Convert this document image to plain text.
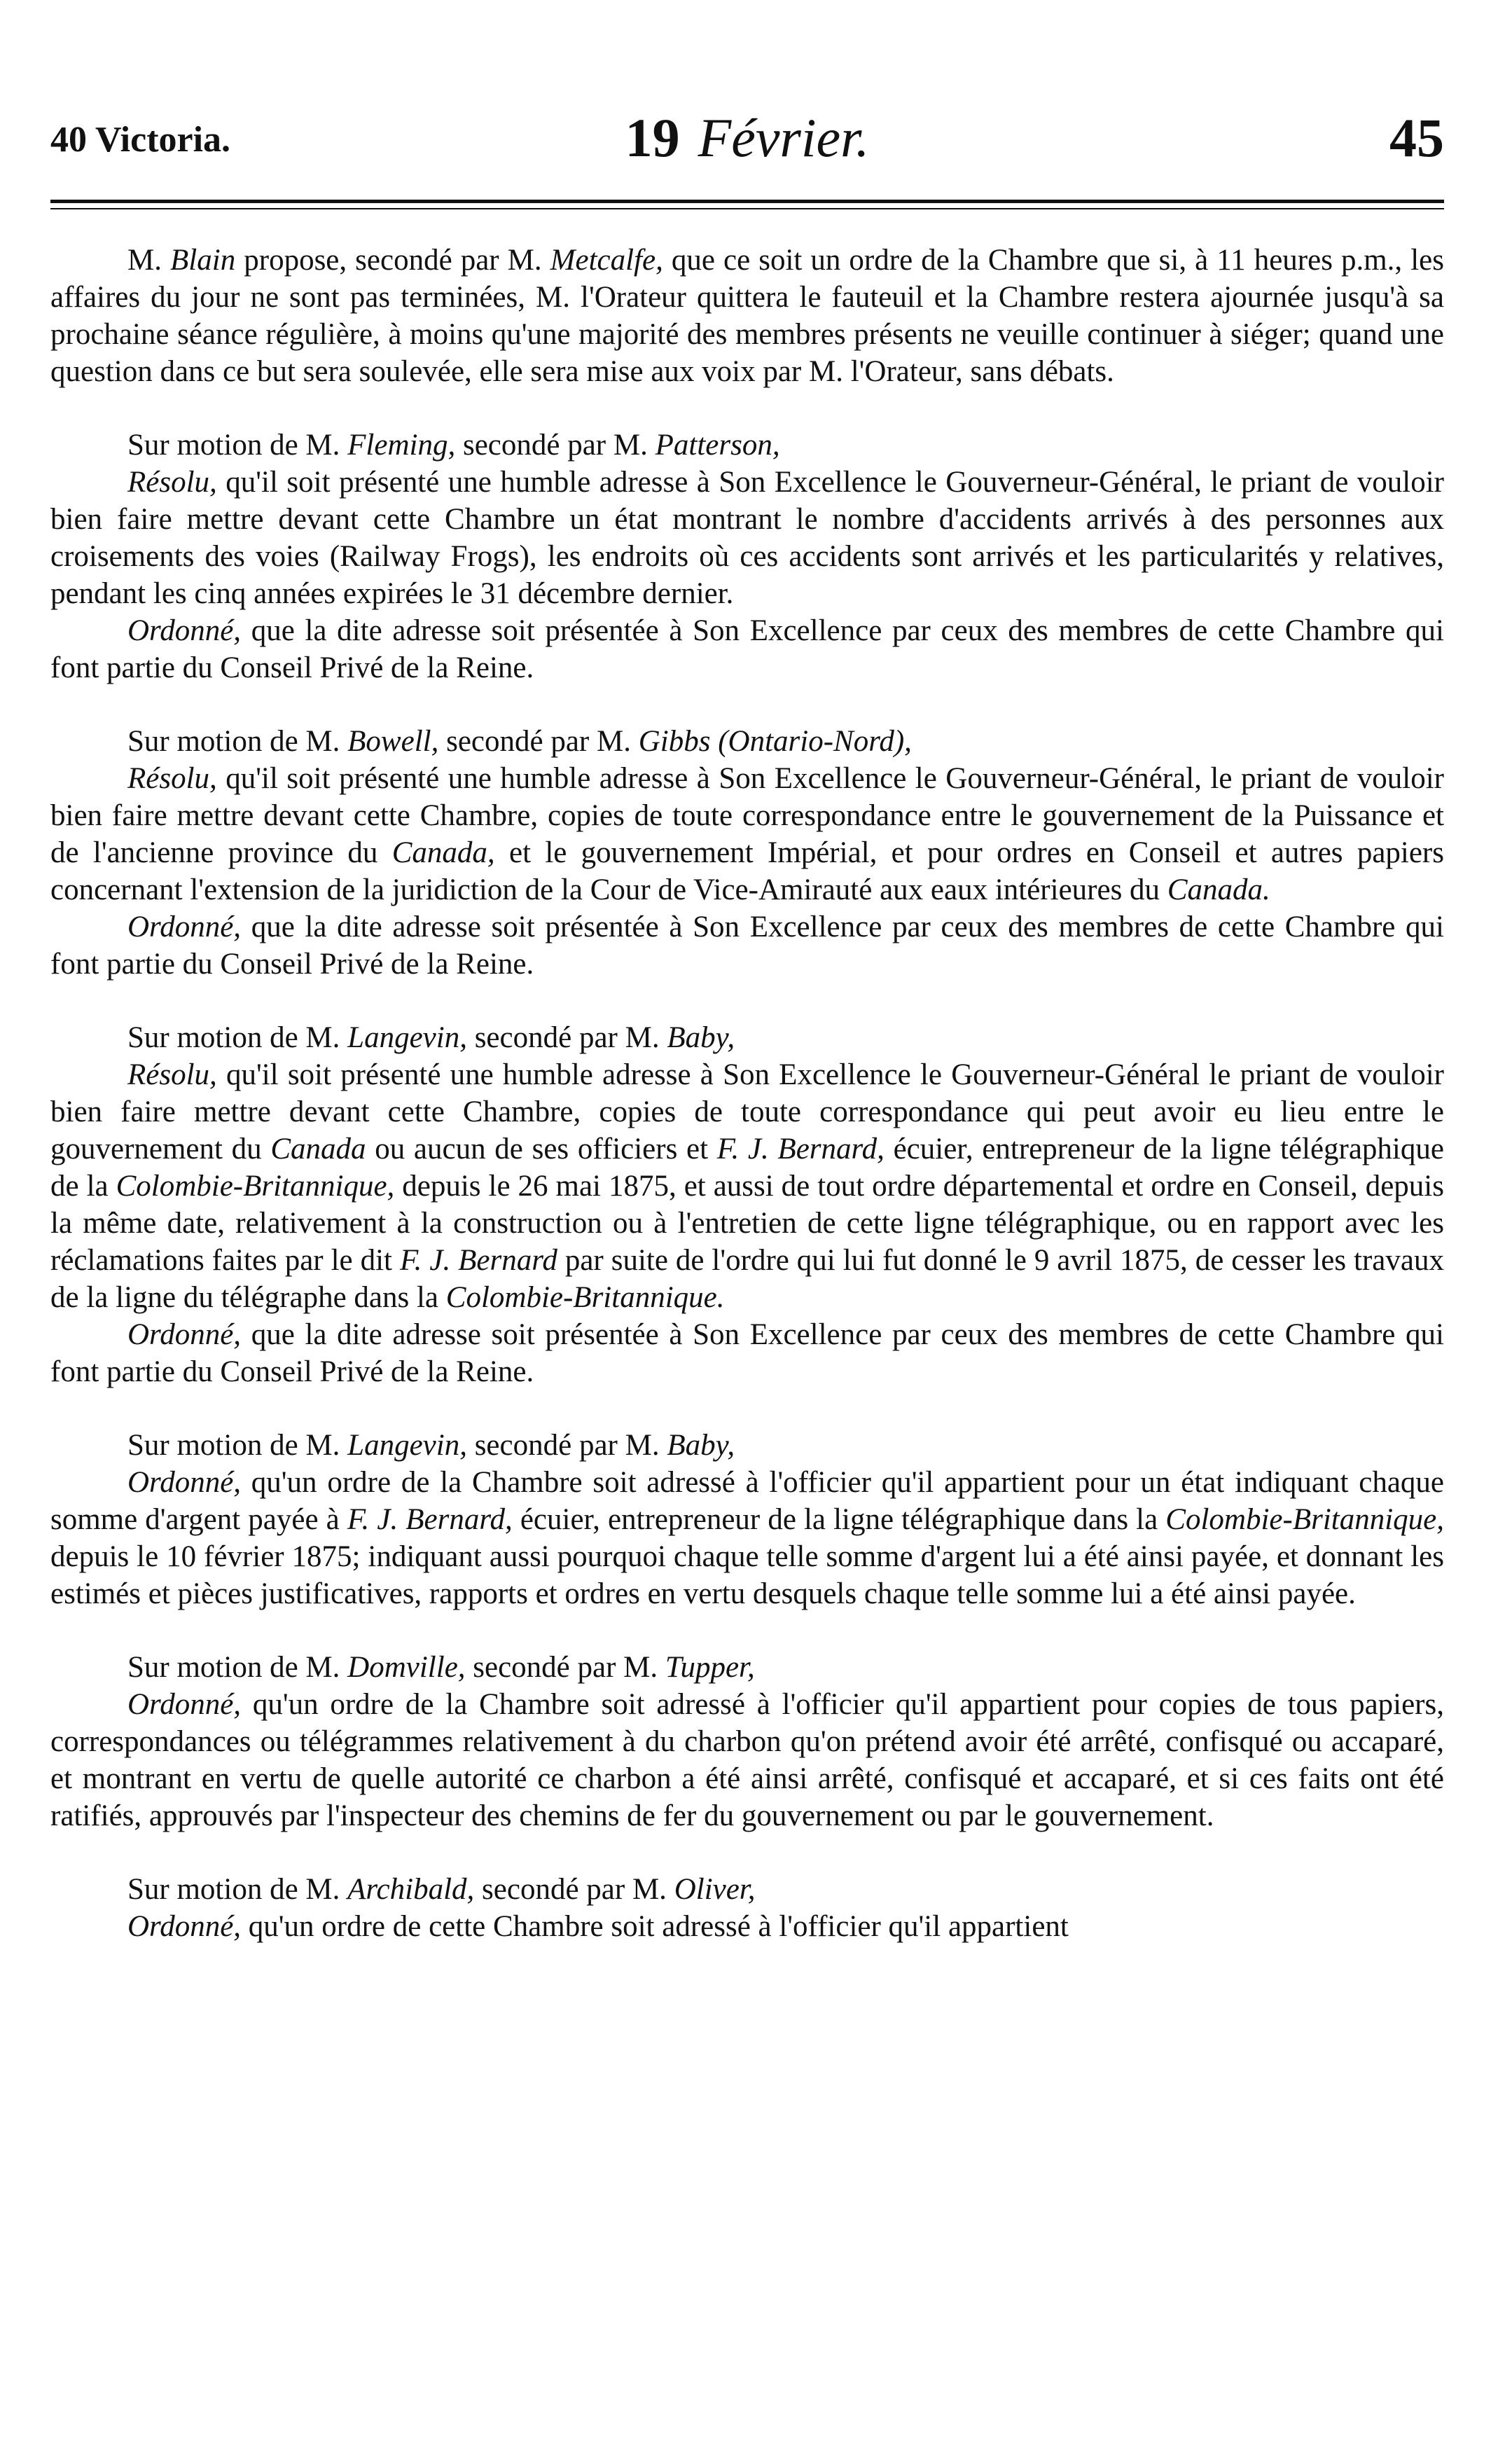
40 Victoria.	19 Février.	45

M. Blain propose, secondé par M. Metcalfe, que ce soit un ordre de la Chambre que si, à 11 heures p.m., les affaires du jour ne sont pas terminées, M. l'Orateur quittera le fauteuil et la Chambre restera ajournée jusqu'à sa prochaine séance régulière, à moins qu'une majorité des membres présents ne veuille continuer à siéger; quand une question dans ce but sera soulevée, elle sera mise aux voix par M. l'Orateur, sans débats.

Sur motion de M. Fleming, secondé par M. Patterson,

Résolu, qu'il soit présenté une humble adresse à Son Excellence le Gouverneur-Général, le priant de vouloir bien faire mettre devant cette Chambre un état montrant le nombre d'accidents arrivés à des personnes aux croisements des voies (Railway Frogs), les endroits où ces accidents sont arrivés et les particularités y relatives, pendant les cinq années expirées le 31 décembre dernier.

Ordonné, que la dite adresse soit présentée à Son Excellence par ceux des membres de cette Chambre qui font partie du Conseil Privé de la Reine.

Sur motion de M. Bowell, secondé par M. Gibbs (Ontario-Nord),

Résolu, qu'il soit présenté une humble adresse à Son Excellence le Gouverneur-Général, le priant de vouloir bien faire mettre devant cette Chambre, copies de toute correspondance entre le gouvernement de la Puissance et de l'ancienne province du Canada, et le gouvernement Impérial, et pour ordres en Conseil et autres papiers concernant l'extension de la juridiction de la Cour de Vice-Amirauté aux eaux intérieures du Canada.

Ordonné, que la dite adresse soit présentée à Son Excellence par ceux des membres de cette Chambre qui font partie du Conseil Privé de la Reine.

Sur motion de M. Langevin, secondé par M. Baby,

Résolu, qu'il soit présenté une humble adresse à Son Excellence le Gouverneur-Général le priant de vouloir bien faire mettre devant cette Chambre, copies de toute correspondance qui peut avoir eu lieu entre le gouvernement du Canada ou aucun de ses officiers et F. J. Bernard, écuier, entrepreneur de la ligne télégraphique de la Colombie-Britannique, depuis le 26 mai 1875, et aussi de tout ordre départemental et ordre en Conseil, depuis la même date, relativement à la construction ou à l'entretien de cette ligne télégraphique, ou en rapport avec les réclamations faites par le dit F. J. Bernard par suite de l'ordre qui lui fut donné le 9 avril 1875, de cesser les travaux de la ligne du télégraphe dans la Colombie-Britannique.

Ordonné, que la dite adresse soit présentée à Son Excellence par ceux des membres de cette Chambre qui font partie du Conseil Privé de la Reine.

Sur motion de M. Langevin, secondé par M. Baby,

Ordonné, qu'un ordre de la Chambre soit adressé à l'officier qu'il appartient pour un état indiquant chaque somme d'argent payée à F. J. Bernard, écuier, entrepreneur de la ligne télégraphique dans la Colombie-Britannique, depuis le 10 février 1875; indiquant aussi pourquoi chaque telle somme d'argent lui a été ainsi payée, et donnant les estimés et pièces justificatives, rapports et ordres en vertu desquels chaque telle somme lui a été ainsi payée.

Sur motion de M. Domville, secondé par M. Tupper,

Ordonné, qu'un ordre de la Chambre soit adressé à l'officier qu'il appartient pour copies de tous papiers, correspondances ou télégrammes relativement à du charbon qu'on prétend avoir été arrêté, confisqué ou accaparé, et montrant en vertu de quelle autorité ce charbon a été ainsi arrêté, confisqué et accaparé, et si ces faits ont été ratifiés, approuvés par l'inspecteur des chemins de fer du gouvernement ou par le gouvernement.

Sur motion de M. Archibald, secondé par M. Oliver,

Ordonné, qu'un ordre de cette Chambre soit adressé à l'officier qu'il appartient
